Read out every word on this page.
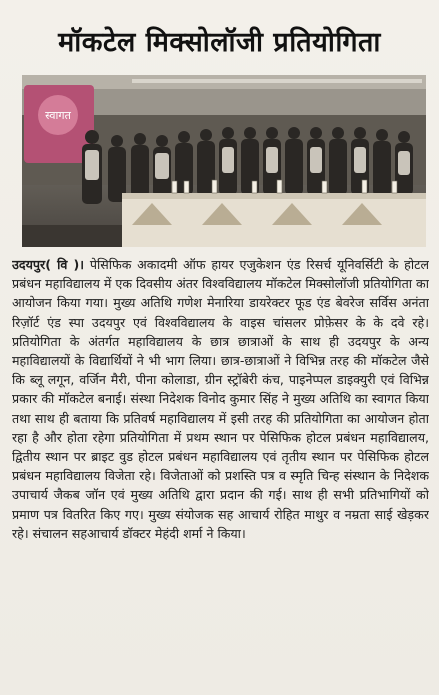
मॉकटेल मिक्सोलॉजी प्रतियोगिता
स्वागत
उदयपुर( वि )। पेसिफिक अकादमी ऑफ हायर एजुकेशन एंड रिसर्च यूनिवर्सिटी के होटल प्रबंधन महाविद्यालय में एक दिवसीय अंतर विश्वविद्यालय मॉकटेल मिक्सोलॉजी प्रतियोगिता का आयोजन किया गया। मुख्य अतिथि गणेश मेनारिया डायरेक्टर फूड एंड बेवरेज सर्विस अनंता रिज़ॉर्ट एंड स्पा उदयपुर एवं विश्वविद्यालय के वाइस चांसलर प्रोफ़ेसर के के दवे रहे। प्रतियोगिता के अंतर्गत महाविद्यालय के छात्र छात्राओं के साथ ही उदयपुर के अन्य महाविद्यालयों के विद्यार्थियों ने भी भाग लिया। छात्र-छात्राओं ने विभिन्न तरह की मॉकटेल जैसे कि ब्लू लगून, वर्जिन मैरी, पीना कोलाडा, ग्रीन स्ट्रॉबेरी कंच, पाइनेप्पल डाइक्युरी एवं विभिन्न प्रकार की मॉकटेल बनाई। संस्था निदेशक विनोद कुमार सिंह ने मुख्य अतिथि का स्वागत किया तथा साथ ही बताया कि प्रतिवर्ष महाविद्यालय में इसी तरह की प्रतियोगिता का आयोजन होता रहा है और होता रहेगा प्रतियोगिता में प्रथम स्थान पर पेसिफिक होटल प्रबंधन महाविद्यालय, द्वितीय स्थान पर ब्राइट वुड होटल प्रबंधन महाविद्यालय एवं तृतीय स्थान पर पेसिफिक होटल प्रबंधन महाविद्यालय विजेता रहे। विजेताओं को प्रशस्ति पत्र व स्मृति चिन्ह संस्थान के निदेशक उपाचार्य जैकब जॉन एवं मुख्य अतिथि द्वारा प्रदान की गई। साथ ही सभी प्रतिभागियों को प्रमाण पत्र वितरित किए गए। मुख्य संयोजक सह आचार्य रोहित माथुर व नम्रता साई खेड़कर रहे। संचालन सहआचार्य डॉक्टर मेहंदी शर्मा ने किया।
